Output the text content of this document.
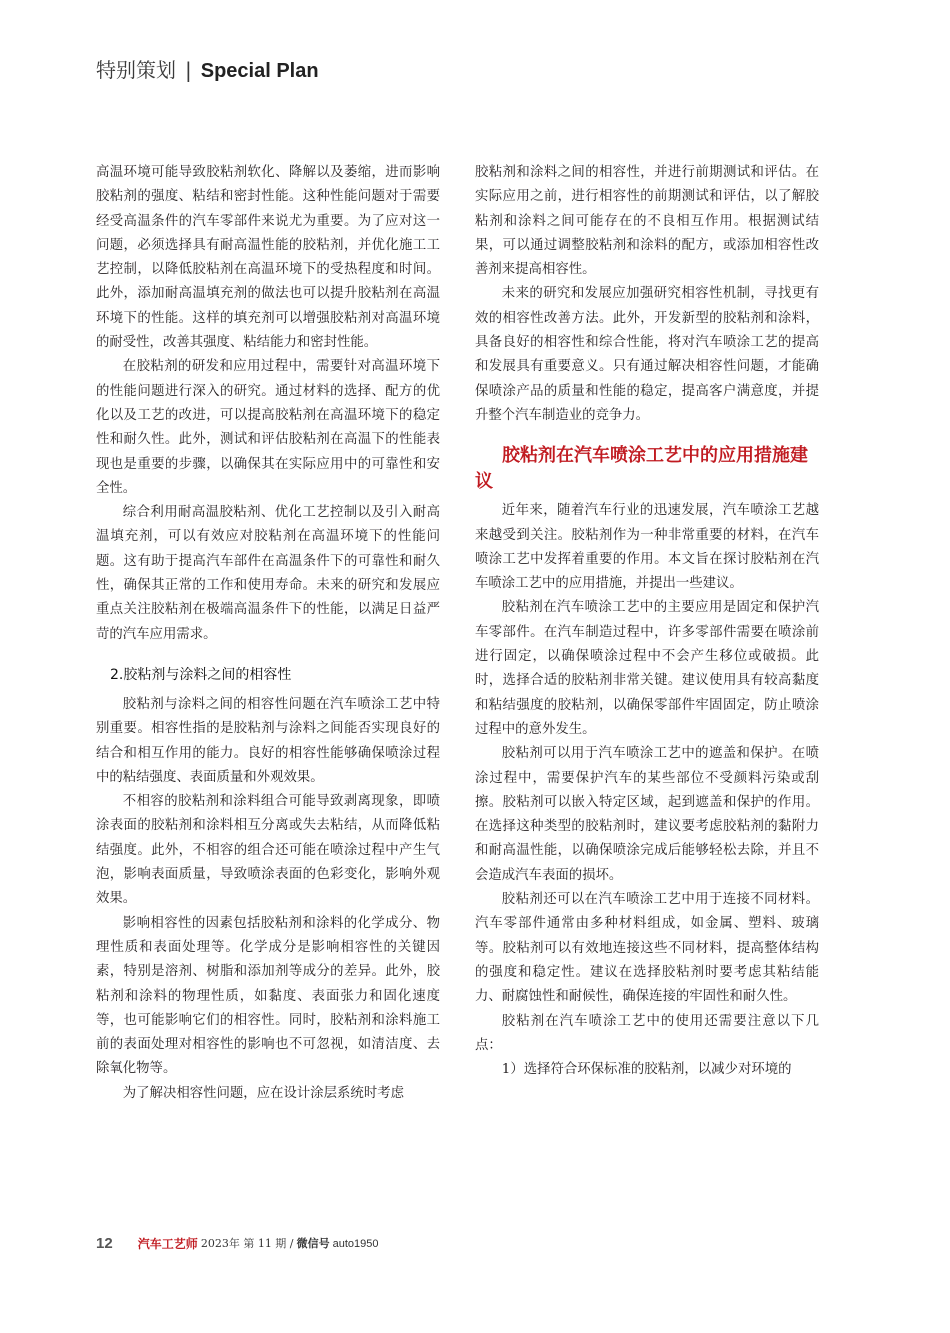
特别策划 | Special Plan

高温环境可能导致胶粘剂软化、降解以及萎缩，进而影响胶粘剂的强度、粘结和密封性能。这种性能问题对于需要经受高温条件的汽车零部件来说尤为重要。为了应对这一问题，必须选择具有耐高温性能的胶粘剂，并优化施工工艺控制，以降低胶粘剂在高温环境下的受热程度和时间。此外，添加耐高温填充剂的做法也可以提升胶粘剂在高温环境下的性能。这样的填充剂可以增强胶粘剂对高温环境的耐受性，改善其强度、粘结能力和密封性能。

在胶粘剂的研发和应用过程中，需要针对高温环境下的性能问题进行深入的研究。通过材料的选择、配方的优化以及工艺的改进，可以提高胶粘剂在高温环境下的稳定性和耐久性。此外，测试和评估胶粘剂在高温下的性能表现也是重要的步骤，以确保其在实际应用中的可靠性和安全性。

综合利用耐高温胶粘剂、优化工艺控制以及引入耐高温填充剂，可以有效应对胶粘剂在高温环境下的性能问题。这有助于提高汽车部件在高温条件下的可靠性和耐久性，确保其正常的工作和使用寿命。未来的研究和发展应重点关注胶粘剂在极端高温条件下的性能，以满足日益严苛的汽车应用需求。

2.胶粘剂与涂料之间的相容性

胶粘剂与涂料之间的相容性问题在汽车喷涂工艺中特别重要。相容性指的是胶粘剂与涂料之间能否实现良好的结合和相互作用的能力。良好的相容性能够确保喷涂过程中的粘结强度、表面质量和外观效果。

不相容的胶粘剂和涂料组合可能导致剥离现象，即喷涂表面的胶粘剂和涂料相互分离或失去粘结，从而降低粘结强度。此外，不相容的组合还可能在喷涂过程中产生气泡，影响表面质量，导致喷涂表面的色彩变化，影响外观效果。

影响相容性的因素包括胶粘剂和涂料的化学成分、物理性质和表面处理等。化学成分是影响相容性的关键因素，特别是溶剂、树脂和添加剂等成分的差异。此外，胶粘剂和涂料的物理性质，如黏度、表面张力和固化速度等，也可能影响它们的相容性。同时，胶粘剂和涂料施工前的表面处理对相容性的影响也不可忽视，如清洁度、去除氧化物等。

为了解决相容性问题，应在设计涂层系统时考虑

胶粘剂和涂料之间的相容性，并进行前期测试和评估。在实际应用之前，进行相容性的前期测试和评估，以了解胶粘剂和涂料之间可能存在的不良相互作用。根据测试结果，可以通过调整胶粘剂和涂料的配方，或添加相容性改善剂来提高相容性。

未来的研究和发展应加强研究相容性机制，寻找更有效的相容性改善方法。此外，开发新型的胶粘剂和涂料，具备良好的相容性和综合性能，将对汽车喷涂工艺的提高和发展具有重要意义。只有通过解决相容性问题，才能确保喷涂产品的质量和性能的稳定，提高客户满意度，并提升整个汽车制造业的竞争力。

胶粘剂在汽车喷涂工艺中的应用措施建议

近年来，随着汽车行业的迅速发展，汽车喷涂工艺越来越受到关注。胶粘剂作为一种非常重要的材料，在汽车喷涂工艺中发挥着重要的作用。本文旨在探讨胶粘剂在汽车喷涂工艺中的应用措施，并提出一些建议。

胶粘剂在汽车喷涂工艺中的主要应用是固定和保护汽车零部件。在汽车制造过程中，许多零部件需要在喷涂前进行固定，以确保喷涂过程中不会产生移位或破损。此时，选择合适的胶粘剂非常关键。建议使用具有较高黏度和粘结强度的胶粘剂，以确保零部件牢固固定，防止喷涂过程中的意外发生。

胶粘剂可以用于汽车喷涂工艺中的遮盖和保护。在喷涂过程中，需要保护汽车的某些部位不受颜料污染或刮擦。胶粘剂可以嵌入特定区域，起到遮盖和保护的作用。在选择这种类型的胶粘剂时，建议要考虑胶粘剂的黏附力和耐高温性能，以确保喷涂完成后能够轻松去除，并且不会造成汽车表面的损坏。

胶粘剂还可以在汽车喷涂工艺中用于连接不同材料。汽车零部件通常由多种材料组成，如金属、塑料、玻璃等。胶粘剂可以有效地连接这些不同材料，提高整体结构的强度和稳定性。建议在选择胶粘剂时要考虑其粘结能力、耐腐蚀性和耐候性，确保连接的牢固性和耐久性。

胶粘剂在汽车喷涂工艺中的使用还需要注意以下几点：

1）选择符合环保标准的胶粘剂，以减少对环境的

12 汽车工艺师 2023年 第 11 期 / 微信号 auto1950
